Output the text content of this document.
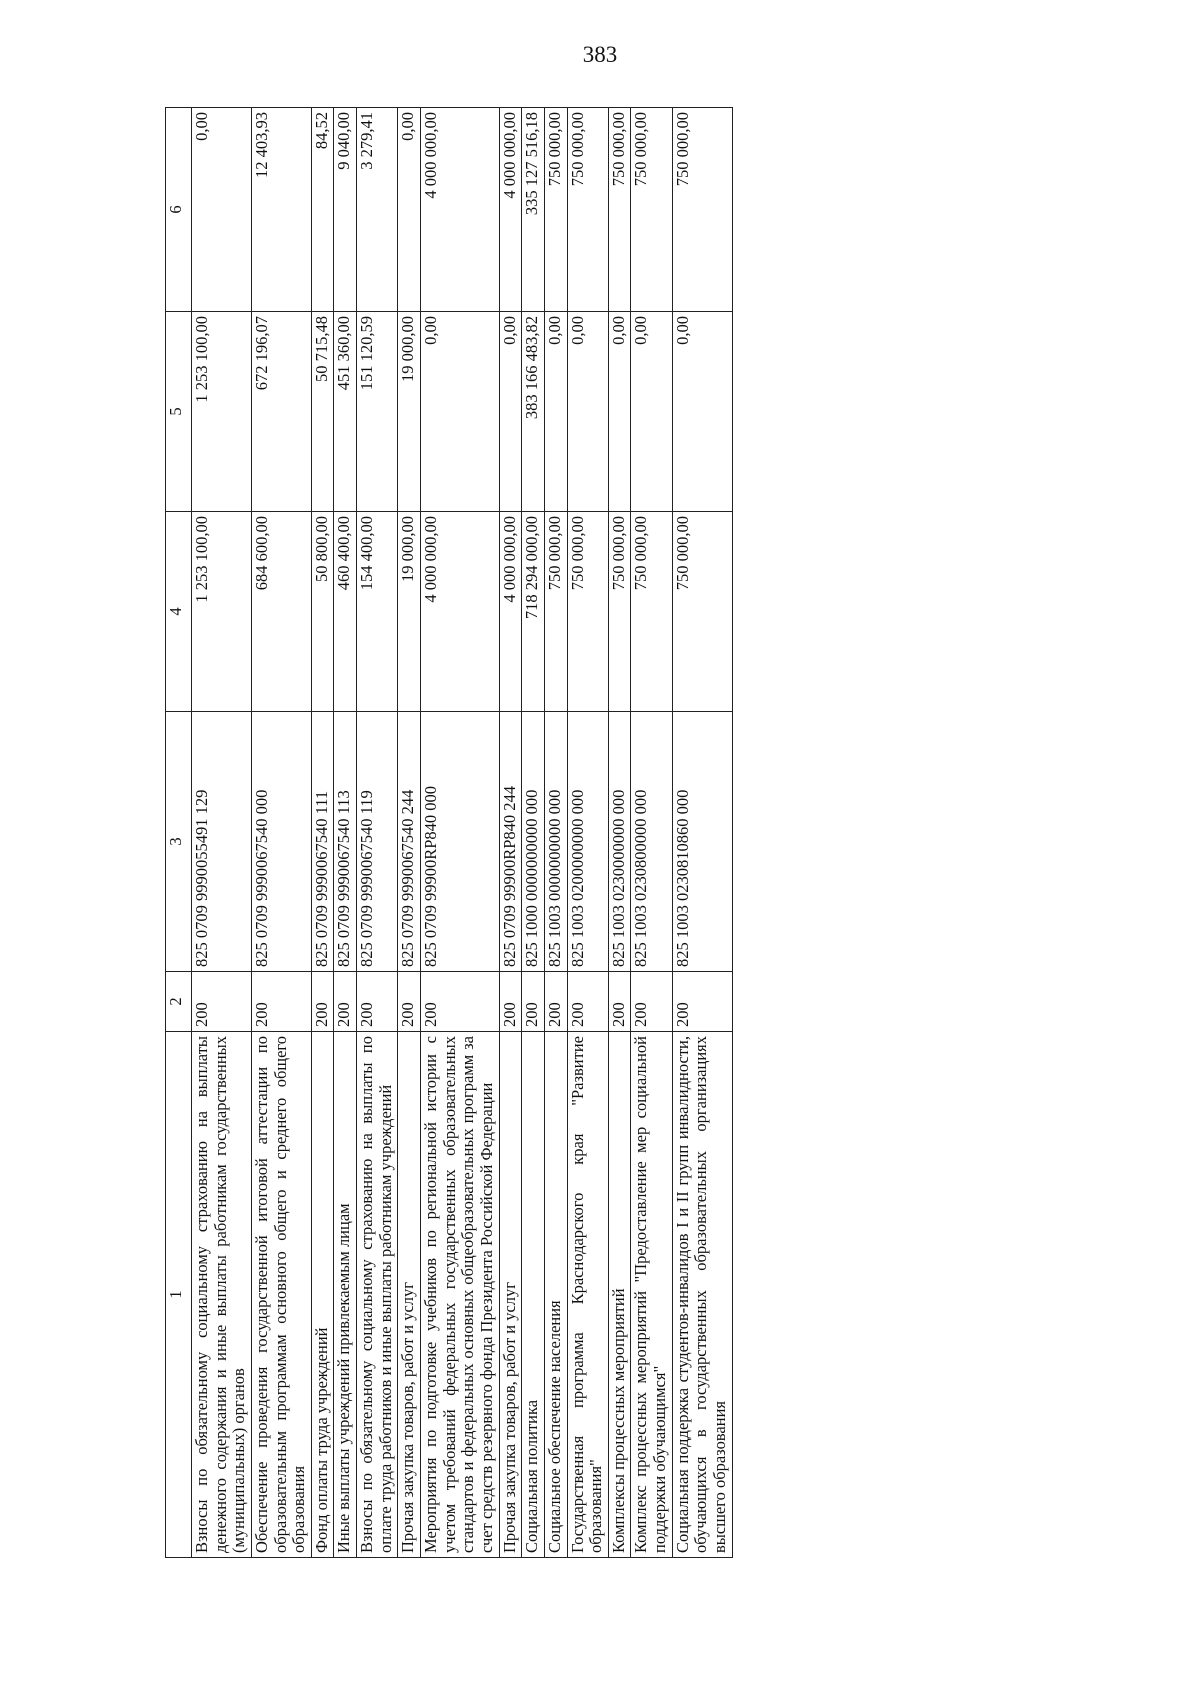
383
1	2	3	4	5	6
Взносы по обязательному социальному страхованию на выплаты денежного содержания и иные выплаты работникам государственных (муниципальных) органов	200	825 0709 9990055491 129	1 253 100,00	1 253 100,00	0,00
Обеспечение проведения государственной итоговой аттестации по образовательным программам основного общего и среднего общего образования	200	825 0709 9990067540 000	684 600,00	672 196,07	12 403,93
Фонд оплаты труда учреждений	200	825 0709 9990067540 111	50 800,00	50 715,48	84,52
Иные выплаты учреждений привлекаемым лицам	200	825 0709 9990067540 113	460 400,00	451 360,00	9 040,00
Взносы по обязательному социальному страхованию на выплаты по оплате труда работников и иные выплаты работникам учреждений	200	825 0709 9990067540 119	154 400,00	151 120,59	3 279,41
Прочая закупка товаров, работ и услуг	200	825 0709 9990067540 244	19 000,00	19 000,00	0,00
Мероприятия по подготовке учебников по региональной истории с учетом требований федеральных государственных образовательных стандартов и федеральных основных общеобразовательных программ за счет средств резервного фонда Президента Российской Федерации	200	825 0709 99900RP840 000	4 000 000,00	0,00	4 000 000,00
Прочая закупка товаров, работ и услуг	200	825 0709 99900RP840 244	4 000 000,00	0,00	4 000 000,00
Социальная политика	200	825 1000 0000000000 000	718 294 000,00	383 166 483,82	335 127 516,18
Социальное обеспечение населения	200	825 1003 0000000000 000	750 000,00	0,00	750 000,00
Государственная программа Краснодарского края "Развитие образования"	200	825 1003 0200000000 000	750 000,00	0,00	750 000,00
Комплексы процессных мероприятий	200	825 1003 0230000000 000	750 000,00	0,00	750 000,00
Комплекс процессных мероприятий "Предоставление мер социальной поддержки обучающимся"	200	825 1003 0230800000 000	750 000,00	0,00	750 000,00
Социальная поддержка студентов-инвалидов I и II групп инвалидности, обучающихся в государственных образовательных организациях высшего образования	200	825 1003 0230810860 000	750 000,00	0,00	750 000,00
